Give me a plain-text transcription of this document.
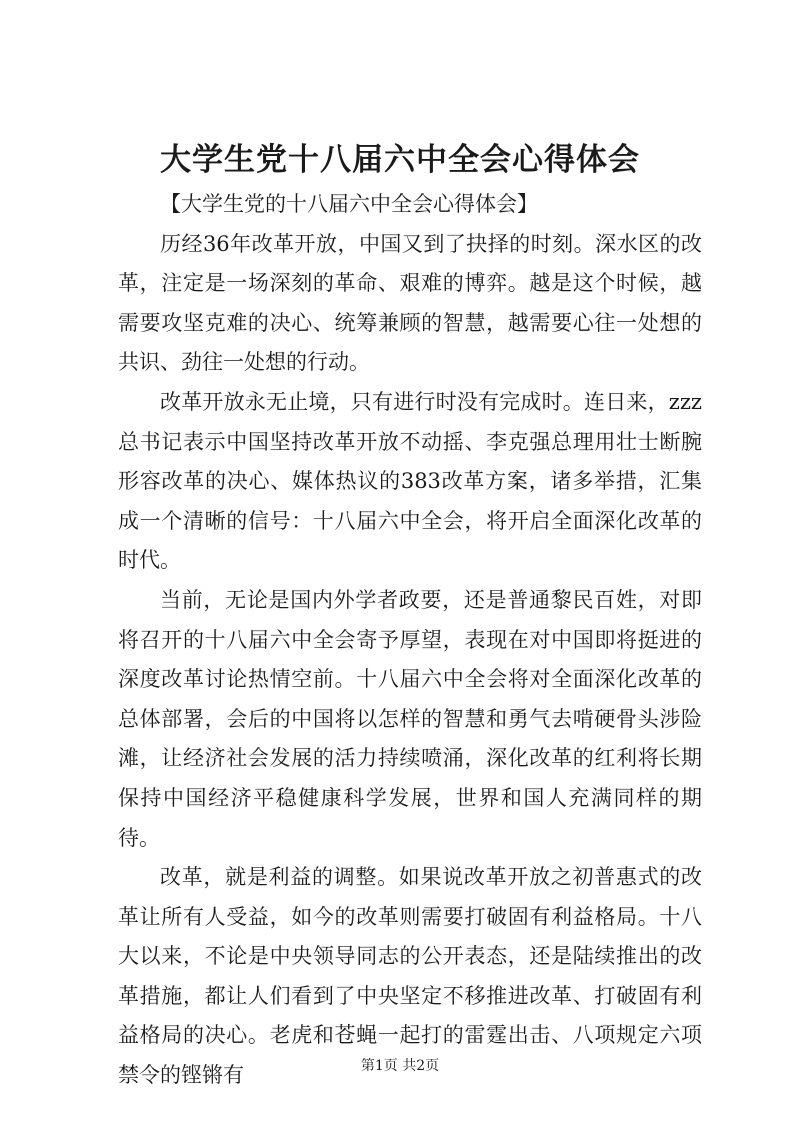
大学生党十八届六中全会心得体会

【大学生党的十八届六中全会心得体会】

历经36年改革开放，中国又到了抉择的时刻。深水区的改革，注定是一场深刻的革命、艰难的博弈。越是这个时候，越需要攻坚克难的决心、统筹兼顾的智慧，越需要心往一处想的共识、劲往一处想的行动。

改革开放永无止境，只有进行时没有完成时。连日来，zzz总书记表示中国坚持改革开放不动摇、李克强总理用壮士断腕形容改革的决心、媒体热议的383改革方案，诸多举措，汇集成一个清晰的信号：十八届六中全会，将开启全面深化改革的时代。

当前，无论是国内外学者政要，还是普通黎民百姓，对即将召开的十八届六中全会寄予厚望，表现在对中国即将挺进的深度改革讨论热情空前。十八届六中全会将对全面深化改革的总体部署，会后的中国将以怎样的智慧和勇气去啃硬骨头涉险滩，让经济社会发展的活力持续喷涌，深化改革的红利将长期保持中国经济平稳健康科学发展，世界和国人充满同样的期待。

改革，就是利益的调整。如果说改革开放之初普惠式的改革让所有人受益，如今的改革则需要打破固有利益格局。十八大以来，不论是中央领导同志的公开表态，还是陆续推出的改革措施，都让人们看到了中央坚定不移推进改革、打破固有利益格局的决心。老虎和苍蝇一起打的雷霆出击、八项规定六项禁令的铿锵有	第1页 共2页
